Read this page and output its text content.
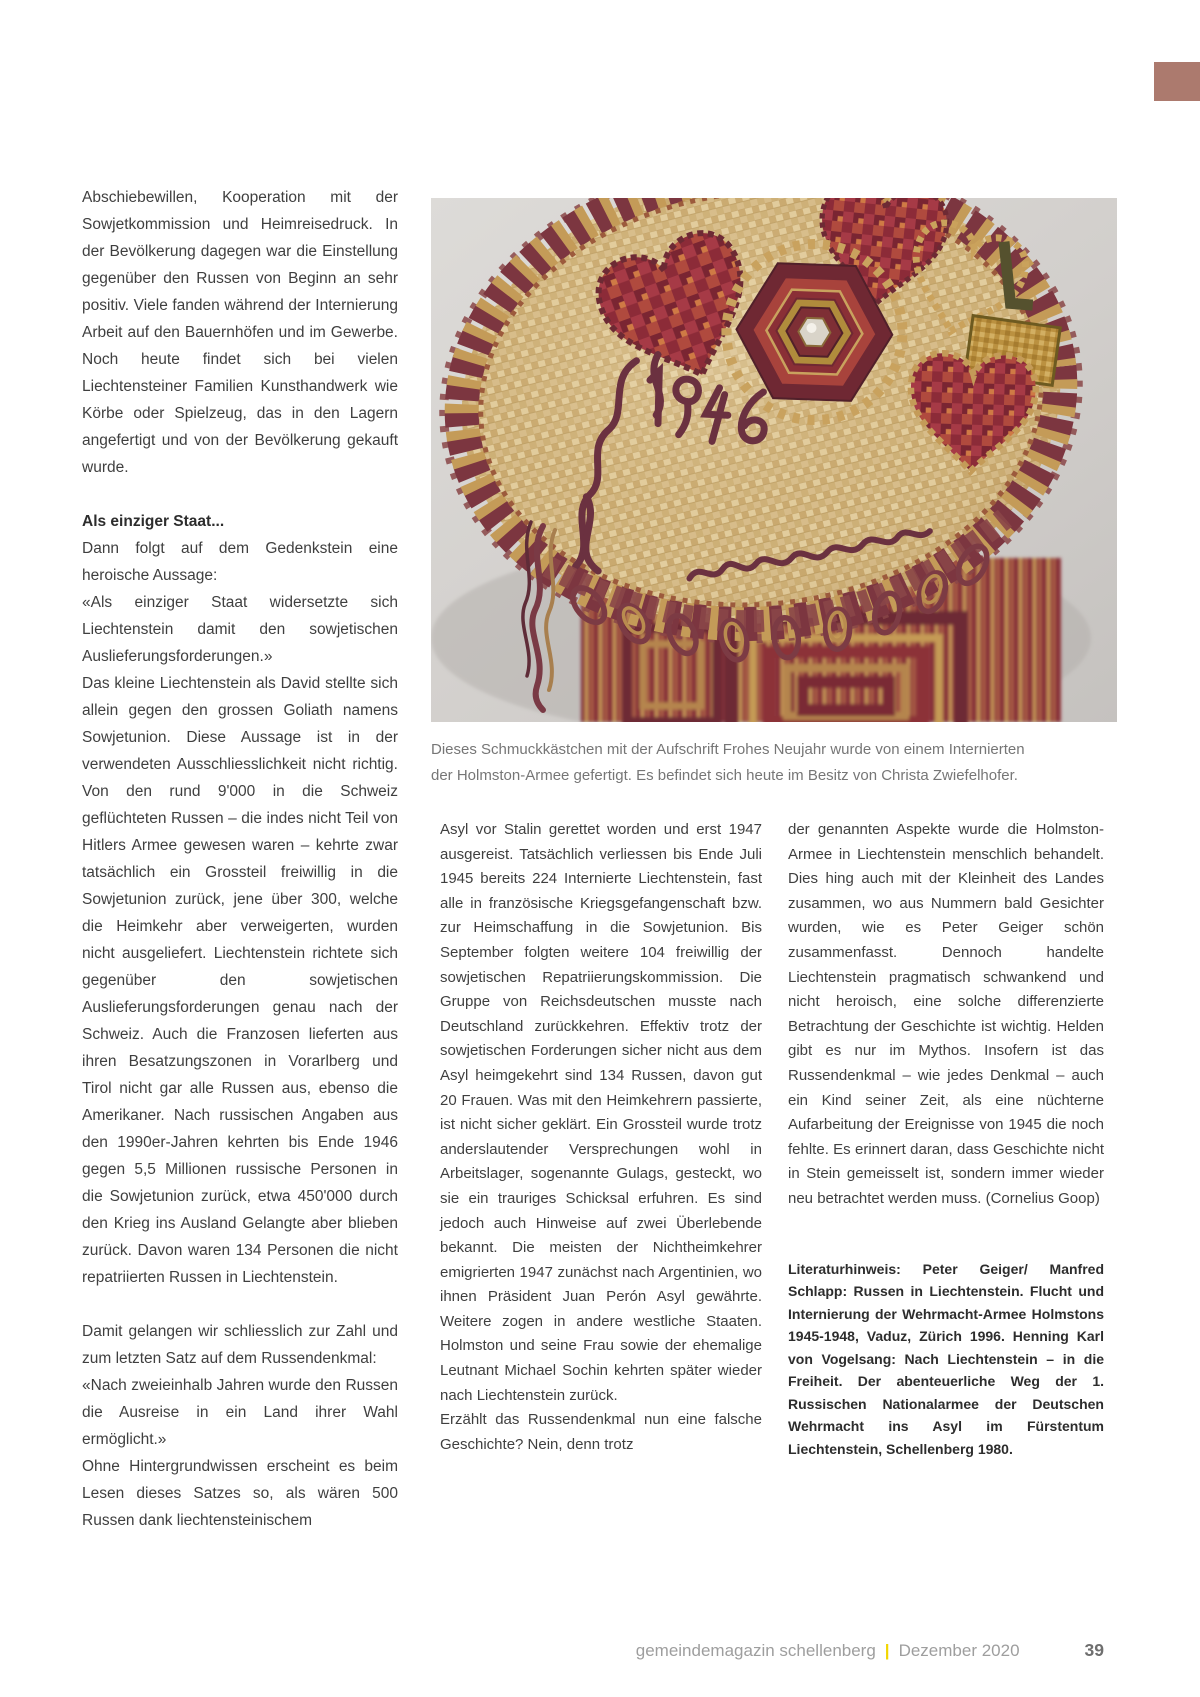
Abschiebewillen, Kooperation mit der Sowjetkommission und Heimreisedruck. In der Bevölkerung dagegen war die Einstellung gegenüber den Russen von Beginn an sehr positiv. Viele fanden während der Internierung Arbeit auf den Bauernhöfen und im Gewerbe. Noch heute findet sich bei vielen Liechtensteiner Familien Kunsthandwerk wie Körbe oder Spielzeug, das in den Lagern angefertigt und von der Bevölkerung gekauft wurde.

Als einziger Staat...

Dann folgt auf dem Gedenkstein eine heroische Aussage:

«Als einziger Staat widersetzte sich Liechtenstein damit den sowjetischen Auslieferungsforderungen.»

Das kleine Liechtenstein als David stellte sich allein gegen den grossen Goliath namens Sowjetunion. Diese Aussage ist in der verwendeten Ausschliesslichkeit nicht richtig. Von den rund 9'000 in die Schweiz geflüchteten Russen – die indes nicht Teil von Hitlers Armee gewesen waren – kehrte zwar tatsächlich ein Grossteil freiwillig in die Sowjetunion zurück, jene über 300, welche die Heimkehr aber verweigerten, wurden nicht ausgeliefert. Liechtenstein richtete sich gegenüber den sowjetischen Auslieferungsforderungen genau nach der Schweiz. Auch die Franzosen lieferten aus ihren Besatzungszonen in Vorarlberg und Tirol nicht gar alle Russen aus, ebenso die Amerikaner. Nach russischen Angaben aus den 1990er-Jahren kehrten bis Ende 1946 gegen 5,5 Millionen russische Personen in die Sowjetunion zurück, etwa 450'000 durch den Krieg ins Ausland Gelangte aber blieben zurück. Davon waren 134 Personen die nicht repatriierten Russen in Liechtenstein.

Damit gelangen wir schliesslich zur Zahl und zum letzten Satz auf dem Russendenkmal:

«Nach zweieinhalb Jahren wurde den Russen die Ausreise in ein Land ihrer Wahl ermöglicht.»

Ohne Hintergrundwissen erscheint es beim Lesen dieses Satzes so, als wären 500 Russen dank liechtensteinischem

Dieses Schmuckkästchen mit der Aufschrift Frohes Neujahr wurde von einem Internierten der Holmston-Armee gefertigt. Es befindet sich heute im Besitz von Christa Zwiefelhofer.

Asyl vor Stalin gerettet worden und erst 1947 ausgereist. Tatsächlich verliessen bis Ende Juli 1945 bereits 224 Internierte Liechtenstein, fast alle in französische Kriegsgefangenschaft bzw. zur Heimschaffung in die Sowjetunion. Bis September folgten weitere 104 freiwillig der sowjetischen Repatriierungskommission. Die Gruppe von Reichsdeutschen musste nach Deutschland zurückkehren. Effektiv trotz der sowjetischen Forderungen sicher nicht aus dem Asyl heimgekehrt sind 134 Russen, davon gut 20 Frauen. Was mit den Heimkehrern passierte, ist nicht sicher geklärt. Ein Grossteil wurde trotz anderslautender Versprechungen wohl in Arbeitslager, sogenannte Gulags, gesteckt, wo sie ein trauriges Schicksal erfuhren. Es sind jedoch auch Hinweise auf zwei Überlebende bekannt. Die meisten der Nichtheimkehrer emigrierten 1947 zunächst nach Argentinien, wo ihnen Präsident Juan Perón Asyl gewährte. Weitere zogen in andere westliche Staaten. Holmston und seine Frau sowie der ehemalige Leutnant Michael Sochin kehrten später wieder nach Liechtenstein zurück.

Erzählt das Russendenkmal nun eine falsche Geschichte? Nein, denn trotz

der genannten Aspekte wurde die Holmston-Armee in Liechtenstein menschlich behandelt. Dies hing auch mit der Kleinheit des Landes zusammen, wo aus Nummern bald Gesichter wurden, wie es Peter Geiger schön zusammenfasst. Dennoch handelte Liechtenstein pragmatisch schwankend und nicht heroisch, eine solche differenzierte Betrachtung der Geschichte ist wichtig. Helden gibt es nur im Mythos. Insofern ist das Russendenkmal – wie jedes Denkmal – auch ein Kind seiner Zeit, als eine nüchterne Aufarbeitung der Ereignisse von 1945 die noch fehlte. Es erinnert daran, dass Geschichte nicht in Stein gemeisselt ist, sondern immer wieder neu betrachtet werden muss. (Cornelius Goop)

Literaturhinweis: Peter Geiger/ Manfred Schlapp: Russen in Liechtenstein. Flucht und Internierung der Wehrmacht-Armee Holmstons 1945-1948, Vaduz, Zürich 1996. Henning Karl von Vogelsang: Nach Liechtenstein – in die Freiheit. Der abenteuerliche Weg der 1. Russischen Nationalarmee der Deutschen Wehrmacht ins Asyl im Fürstentum Liechtenstein, Schellenberg 1980.

gemeindemagazin schellenberg | Dezember 2020	39
